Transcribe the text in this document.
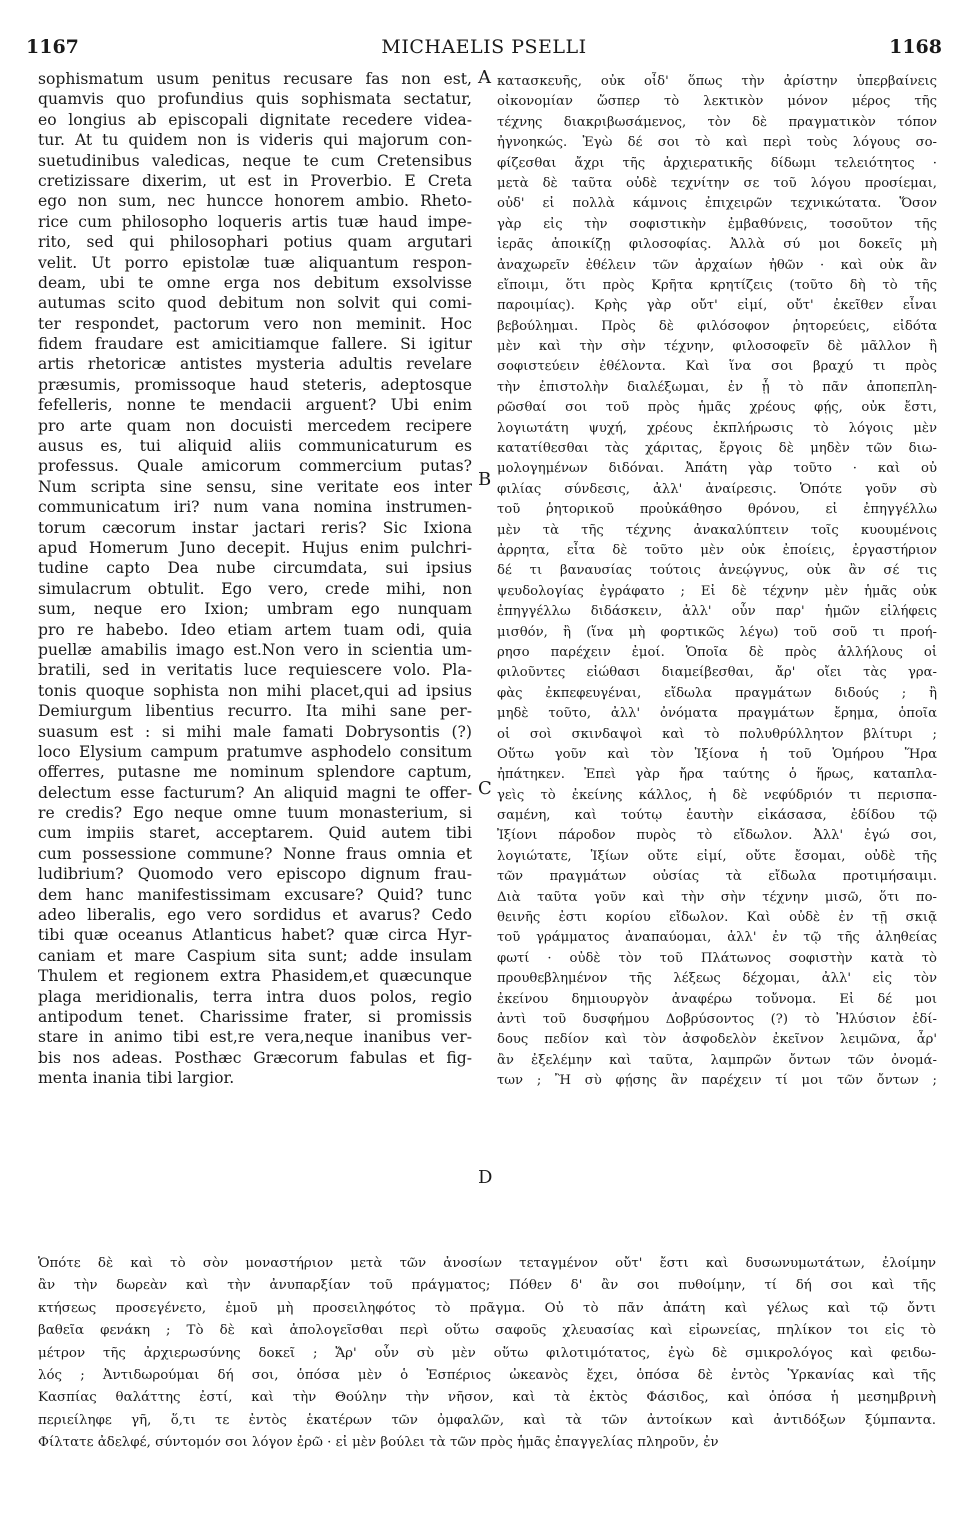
1167	MICHAELIS PSELLI	1168
A
B
C
D
sophismatum usum penitus recusare fas non est,
quamvis quo profundius quis sophismata sectatur,
eo longius ab episcopali dignitate recedere videa-
tur. At tu quidem non is videris qui majorum con-
suetudinibus valedicas, neque te cum Cretensibus
cretizissare dixerim, ut est in Proverbio. E Creta
ego non sum, nec huncce honorem ambio. Rheto-
rice cum philosopho loqueris artis tuæ haud impe-
rito, sed qui philosophari potius quam argutari
velit. Ut porro epistolæ tuæ aliquantum respon-
deam, ubi te omne erga nos debitum exsolvisse
autumas scito quod debitum non solvit qui comi-
ter respondet, pactorum vero non meminit. Hoc
fidem fraudare est amicitiamque fallere. Si igitur
artis rhetoricæ antistes mysteria adultis revelare
præsumis, promissoque haud steteris, adeptosque
fefelleris, nonne te mendacii arguent? Ubi enim
pro arte quam non docuisti mercedem recipere
ausus es, tui aliquid aliis communicaturum es
professus. Quale amicorum commercium putas?
Num scripta sine sensu, sine veritate eos inter
communicatum iri? num vana nomina instrumen-
torum cæcorum instar jactari reris? Sic Ixiona
apud Homerum Juno decepit. Hujus enim pulchri-
tudine capto Dea nube circumdata, sui ipsius
simulacrum obtulit. Ego vero, crede mihi, non
sum, neque ero Ixion; umbram ego nunquam
pro re habebo. Ideo etiam artem tuam odi, quia
puellæ amabilis imago est.Non vero in scientia um-
bratili, sed in veritatis luce requiescere volo. Pla-
tonis quoque sophista non mihi placet,qui ad ipsius
Demiurgum libentius recurro. Ita mihi sane per-
suasum est : si mihi male famati Dobrysontis (?)
loco Elysium campum pratumve asphodelo consitum
offerres, putasne me nominum splendore captum,
delectum esse facturum? An aliquid magni te offer-
re credis? Ego neque omne tuum monasterium, si
cum impiis staret, acceptarem. Quid autem tibi
cum possessione commune? Nonne fraus omnia et
ludibrium? Quomodo vero episcopo dignum frau-
dem hanc manifestissimam excusare? Quid? tunc
adeo liberalis, ego vero sordidus et avarus? Cedo
tibi quæ oceanus Atlanticus habet? quæ circa Hyr-
caniam et mare Caspium sita sunt; adde insulam
Thulem et regionem extra Phasidem,et quæcunque
plaga meridionalis, terra intra duos polos, regio
antipodum tenet. Charissime frater, si promissis
stare in animo tibi est,re vera,neque inanibus ver-
bis nos adeas. Posthæc Græcorum fabulas et fig-
menta inania tibi largior.
κατασκευῆς, οὐκ οἶδ' ὅπως τὴν ἀρίστην ὑπερβαίνεις
οἰκονομίαν ὥσπερ τὸ λεκτικὸν μόνον μέρος τῆς
τέχνης διακριβωσάμενος, τὸν δὲ πραγματικὸν τόπον
ἠγνοηκώς. Ἐγὼ δέ σοι τὸ καὶ περὶ τοὺς λόγους σο-
φίζεσθαι ἄχρι τῆς ἀρχιερατικῆς δίδωμι τελειότητος ·
μετὰ δὲ ταῦτα οὐδὲ τεχνίτην σε τοῦ λόγου προσίεμαι,
οὐδ' εἰ πολλὰ κάμνοις ἐπιχειρῶν τεχνικώτατα. Ὅσον
γὰρ εἰς τὴν σοφιστικὴν ἐμβαθύνεις, τοσοῦτον τῆς
ἱερᾶς ἀποικίζῃ φιλοσοφίας. Ἀλλὰ σύ μοι δοκεῖς μὴ
ἀναχωρεῖν ἐθέλειν τῶν ἀρχαίων ἠθῶν · καὶ οὐκ ἂν
εἴποιμι, ὅτι πρὸς Κρῆτα κρητίζεις (τοῦτο δὴ τὸ τῆς
παροιμίας). Κρὴς γὰρ οὔτ' εἰμί, οὔτ' ἐκεῖθεν εἶναι
βεβούλημαι. Πρὸς δὲ φιλόσοφον ῥητορεύεις, εἰδότα
μὲν καὶ τὴν σὴν τέχνην, φιλοσοφεῖν δὲ μᾶλλον ἢ
σοφιστεύειν ἐθέλοντα. Καὶ ἵνα σοι βραχύ τι πρὸς
τὴν ἐπιστολὴν διαλέξωμαι, ἐν ᾗ τὸ πᾶν ἀποπεπλη-
ρῶσθαί σοι τοῦ πρὸς ἡμᾶς χρέους φῄς, οὐκ ἔστι,
λογιωτάτη ψυχή, χρέους ἐκπλήρωσις τὸ λόγοις μὲν
κατατίθεσθαι τὰς χάριτας, ἔργοις δὲ μηδὲν τῶν διω-
μολογημένων διδόναι. Ἀπάτη γὰρ τοῦτο · καὶ οὐ
φιλίας σύνδεσις, ἀλλ' ἀναίρεσις. Ὁπότε γοῦν σὺ
τοῦ ῥητορικοῦ προὐκάθησο θρόνου, εἰ ἐπηγγέλλω
μὲν τὰ τῆς τέχνης ἀνακαλύπτειν τοῖς κυουμένοις
ἀρρητα, εἶτα δὲ τοῦτο μὲν οὐκ ἐποίεις, ἐργαστήριον
δέ τι βαναυσίας τούτοις ἀνεῴγνυς, οὐκ ἂν σέ τις
ψευδολογίας ἐγράφατο ; Εἰ δὲ τέχνην μὲν ἡμᾶς οὐκ
ἐπηγγέλλω διδάσκειν, ἀλλ' οὖν παρ' ἡμῶν εἰλήφεις
μισθόν, ἢ (ἵνα μὴ φορτικῶς λέγω) τοῦ σοῦ τι προή-
ρησο παρέχειν ἐμοί. Ὁποῖα δὲ πρὸς ἀλλήλους οἱ
φιλοῦντες εἰώθασι διαμείβεσθαι, ἄρ' οἴει τὰς γρα-
φὰς ἐκπεφευγέναι, εἴδωλα πραγμάτων διδούς ; ἢ
μηδὲ τοῦτο, ἀλλ' ὀνόματα πραγμάτων ἔρημα, ὁποῖα
οἱ σοὶ σκινδαψοὶ καὶ τὸ πολυθρύλλητον βλίτυρι ;
Οὕτω γοῦν καὶ τὸν Ἰξίονα ἡ τοῦ Ὁμήρου Ἥρα
ἠπάτηκεν. Ἐπεὶ γὰρ ἤρα ταύτης ὁ ἥρως, καταπλα-
γεὶς τὸ ἐκείνης κάλλος, ἡ δὲ νεφύδριόν τι περισπα-
σαμένη, καὶ τούτῳ ἑαυτὴν εἰκάσασα, ἐδίδου τῷ
Ἰξίονι πάροδον πυρὸς τὸ εἴδωλον. Ἀλλ' ἐγώ σοι,
λογιώτατε, Ἰξίων οὔτε εἰμί, οὔτε ἔσομαι, οὐδὲ τῆς
τῶν πραγμάτων οὐσίας τὰ εἴδωλα προτιμήσαιμι.
Διὰ ταῦτα γοῦν καὶ τὴν σὴν τέχνην μισῶ, ὅτι πο-
θεινῆς ἐστι κορίου εἴδωλον. Καὶ οὐδὲ ἐν τῇ σκιᾷ
τοῦ γράμματος ἀναπαύομαι, ἀλλ' ἐν τῷ τῆς ἀληθείας
φωτί · οὐδὲ τὸν τοῦ Πλάτωνος σοφιστὴν κατὰ τὸ
προυθεβλημένον τῆς λέξεως δέχομαι, ἀλλ' εἰς τὸν
ἐκείνου δημιουργὸν ἀναφέρω τοὔνομα. Εἰ δέ μοι
ἀντὶ τοῦ δυσφήμου Δοβρύσοντος (?) τὸ Ἠλύσιον ἐδί-
δους πεδίον καὶ τὸν ἀσφοδελὸν ἐκεῖνον λειμῶνα, ἆρ'
ἂν ἐξελέμην καὶ ταῦτα, λαμπρῶν ὄντων τῶν ὀνομά-
των ; Ἢ σὺ φῄσης ἂν παρέχειν τί μοι τῶν ὄντων ;
Ὁπότε δὲ καὶ τὸ σὸν μοναστήριον μετὰ τῶν ἀνοσίων τεταγμένον οὔτ' ἔστι καὶ δυσωνυμωτάτων, ἐλοίμην
ἂν τὴν δωρεὰν καὶ τὴν ἀνυπαρξίαν τοῦ πράγματος; Πόθεν δ' ἂν σοι πυθοίμην, τί δή σοι καὶ τῆς
κτήσεως προσεγένετο, ἐμοῦ μὴ προσειληφότος τὸ πρᾶγμα. Οὐ τὸ πᾶν ἀπάτη καὶ γέλως καὶ τῷ ὄντι
βαθεῖα φενάκη ; Τὸ δὲ καὶ ἀπολογεῖσθαι περὶ οὕτω σαφοῦς χλευασίας καὶ εἰρωνείας, πηλίκον τοι εἰς τὸ
μέτρον τῆς ἀρχιερωσύνης δοκεῖ ; Ἄρ' οὖν σὺ μὲν οὕτω φιλοτιμότατος, ἐγὼ δὲ σμικρολόγος καὶ φειδω-
λός ; Ἀντιδωρούμαι δή σοι, ὁπόσα μὲν ὁ Ἑσπέριος ὠκεανὸς ἔχει, ὁπόσα δὲ ἐντὸς Ὑρκανίας καὶ τῆς
Κασπίας θαλάττης ἐστί, καὶ τὴν Θούλην τὴν νῆσον, καὶ τὰ ἐκτὸς Φάσιδος, καὶ ὁπόσα ἡ μεσημβρινὴ
περιείληφε γῆ, ὅ,τι τε ἐντὸς ἑκατέρων τῶν ὀμφαλῶν, καὶ τὰ τῶν ἀντοίκων καὶ ἀντιδόξων ξύμπαντα.
Φίλτατε ἀδελφέ, σύντομόν σοι λόγον ἐρῶ · εἰ μὲν βούλει τὰ τῶν πρὸς ἡμᾶς ἐπαγγελίας πληροῦν, ἐν
